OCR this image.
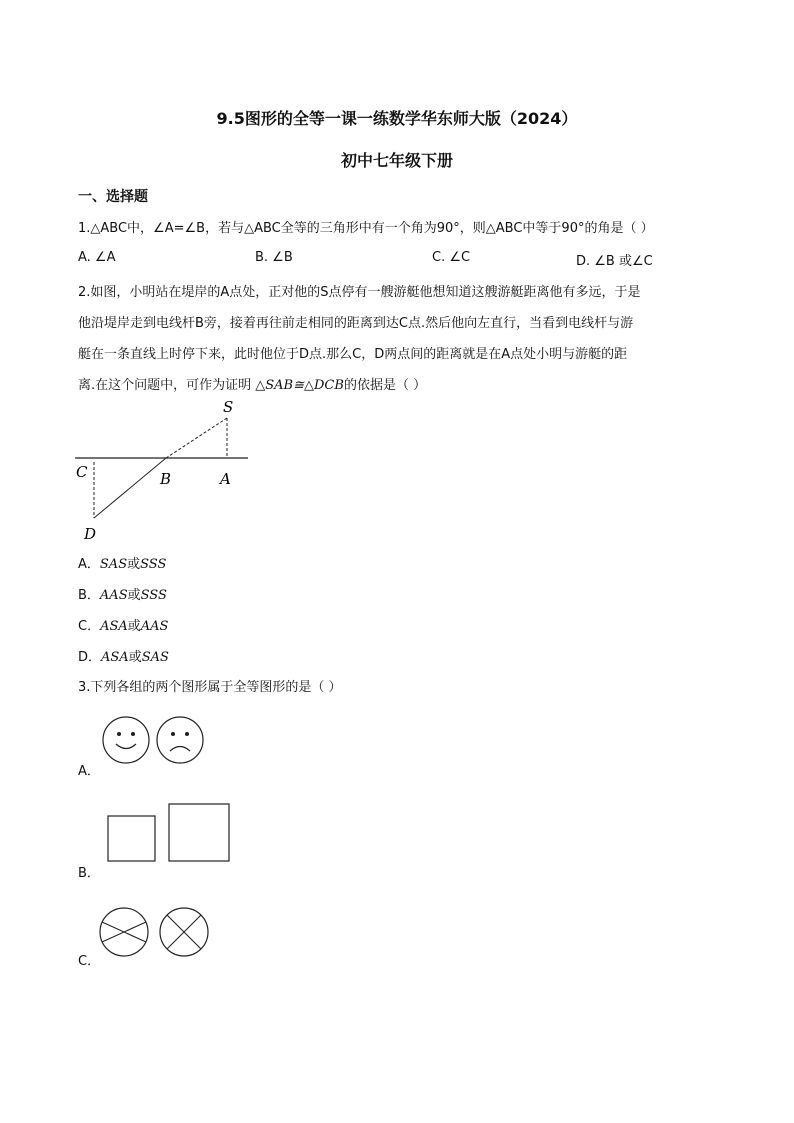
9.5图形的全等一课一练数学华东师大版（2024）
初中七年级下册
一、选择题
1.△ABC中，∠A=∠B，若与△ABC全等的三角形中有一个角为90°，则△ABC中等于90°的角是（ ）
A. ∠A	B. ∠B	C. ∠C	D. ∠B 或∠C
2.如图，小明站在堤岸的A点处，正对他的S点停有一艘游艇他想知道这艘游艇距离他有多远，于是
他沿堤岸走到电线杆B旁，接着再往前走相同的距离到达C点.然后他向左直行，当看到电线杆与游
艇在一条直线上时停下来，此时他位于D点.那么C，D两点间的距离就是在A点处小明与游艇的距
离.在这个问题中，可作为证明 △SAB≅△DCB的依据是（ ）
S
C	B	A
D
A．SAS或SSS
B．AAS或SSS
C．ASA或AAS
D．ASA或SAS
3.下列各组的两个图形属于全等图形的是（ ）
A．
B．
C．
